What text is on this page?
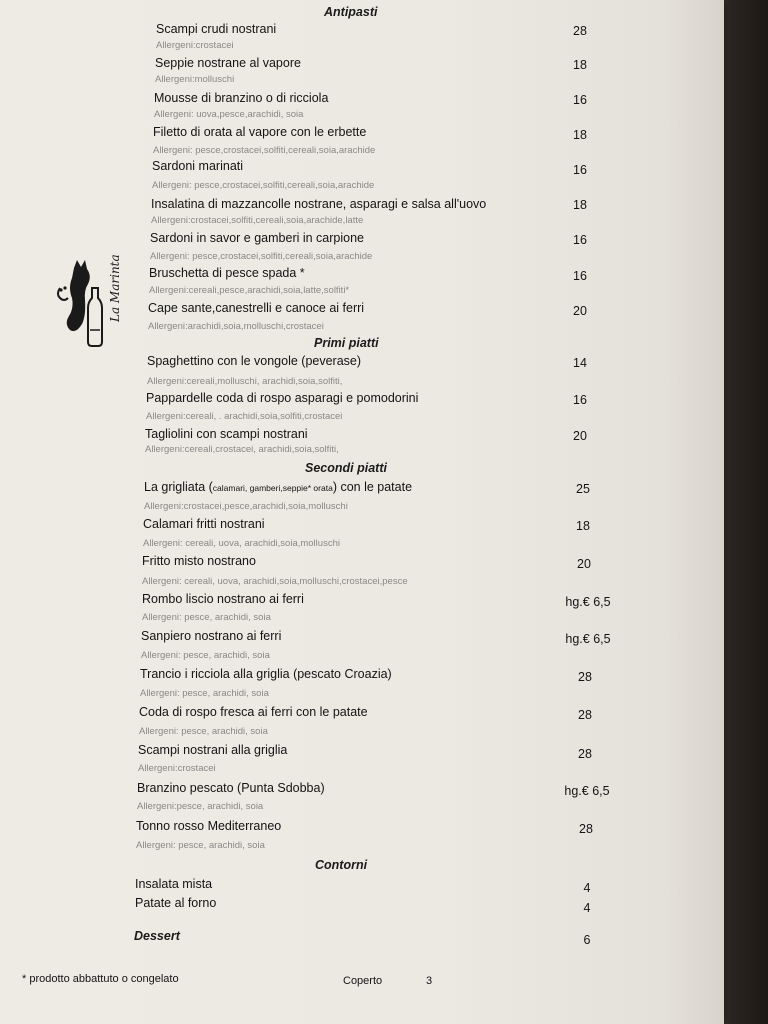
La Marinta
Antipasti
Scampi crudi nostrani	28
Allergeni:crostacei
Seppie nostrane al vapore	18
Allergeni:molluschi
Mousse di branzino o di ricciola	16
Allergeni: uova,pesce,arachidi, soia
Filetto di orata al vapore con le erbette	18
Allergeni: pesce,crostacei,solfiti,cereali,soia,arachide
Sardoni marinati	16
Allergeni: pesce,crostacei,solfiti,cereali,soia,arachide
Insalatina di mazzancolle nostrane, asparagi e salsa all'uovo	18
Allergeni:crostacei,solfiti,cereali,soia,arachide,latte
Sardoni in savor e gamberi in carpione	16
Allergeni: pesce,crostacei,solfiti,cereali,soia,arachide
Bruschetta di pesce spada *	16
Allergeni:cereali,pesce,arachidi,soia,latte,solfiti*
Cape sante,canestrelli e canoce ai ferri	20
Allergeni:arachidi,soia,molluschi,crostacei
Primi piatti
Spaghettino con le vongole (peverase)	14
Allergeni:cereali,molluschi, arachidi,soia,solfiti,
Pappardelle coda di rospo asparagi e pomodorini	16
Allergeni:cereali, . arachidi,soia,solfiti,crostacei
Tagliolini con scampi nostrani	20
Allergeni:cereali,crostacei, arachidi,soia,solfiti,
Secondi piatti
La grigliata (calamari, gamberi,seppie* orata) con le patate	25
Allergeni:crostacei,pesce,arachidi,soia,molluschi
Calamari fritti nostrani	18
Allergeni: cereali, uova, arachidi,soia,molluschi
Fritto misto nostrano	20
Allergeni: cereali, uova, arachidi,soia,molluschi,crostacei,pesce
Rombo liscio nostrano ai ferri	hg.€ 6,5
Allergeni: pesce, arachidi, soia
Sanpiero nostrano ai ferri	hg.€ 6,5
Allergeni: pesce, arachidi, soia
Trancio i ricciola alla griglia (pescato Croazia)	28
Allergeni: pesce, arachidi, soia
Coda di rospo fresca ai ferri con le patate	28
Allergeni: pesce, arachidi, soia
Scampi nostrani alla griglia	28
Allergeni:crostacei
Branzino pescato (Punta Sdobba)	hg.€ 6,5
Allergeni:pesce, arachidi, soia
Tonno rosso Mediterraneo	28
Allergeni: pesce, arachidi, soia
Contorni
Insalata mista	4
Patate al forno	4
Dessert	6
* prodotto abbattuto o congelato	Coperto	3
